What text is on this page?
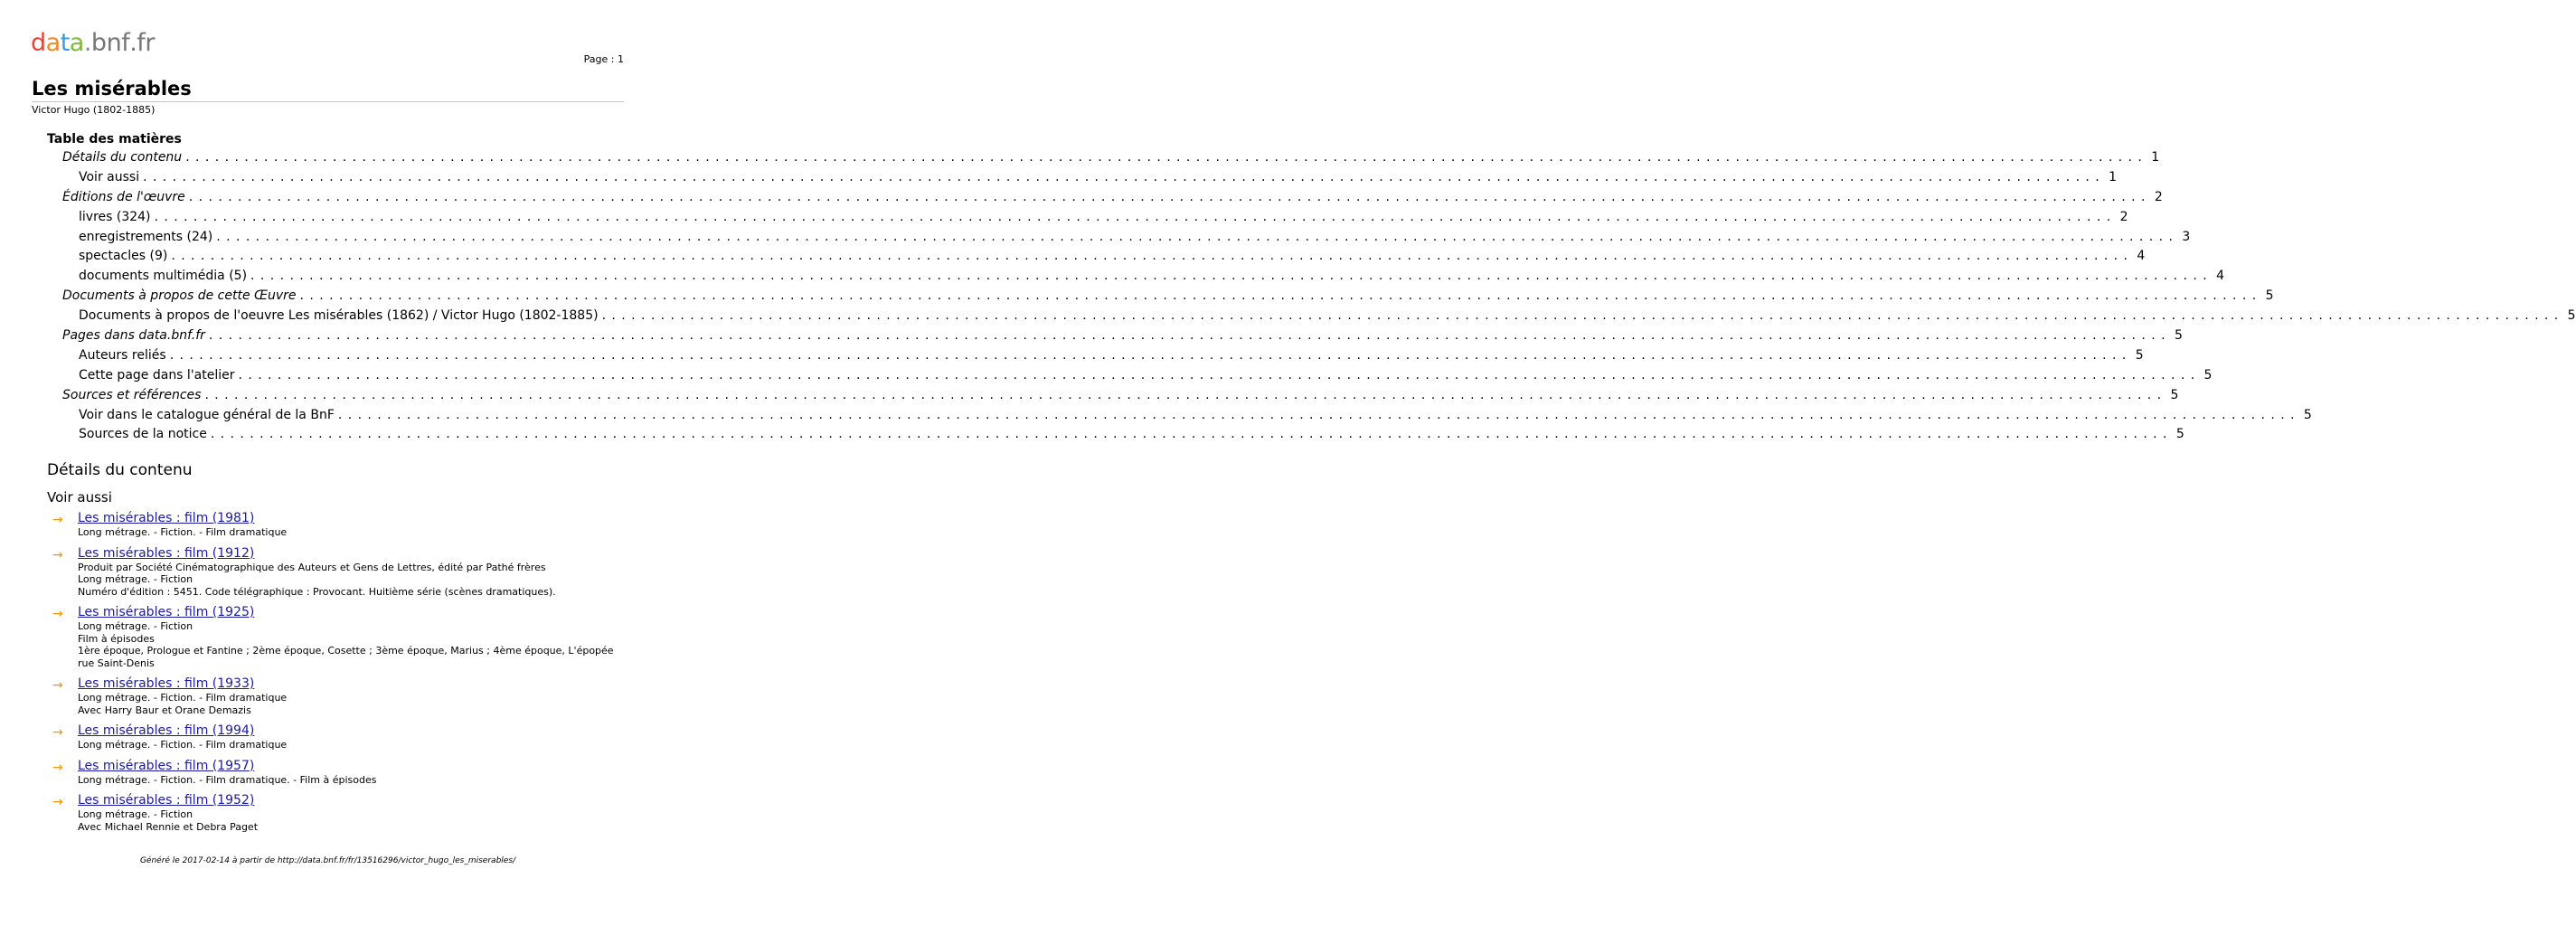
d a t a . b n f . f r
Page : 1
Les misérables
Victor Hugo (1802-1885)
Table des matières
Détails du contenu ........................................................................................................................................................................................................ 1
Voir aussi ........................................................................................................................................................................................................ 1
Éditions de l'œuvre ........................................................................................................................................................................................................ 2
livres (324) ........................................................................................................................................................................................................ 2
enregistrements (24) ........................................................................................................................................................................................................ 3
spectacles (9) ........................................................................................................................................................................................................ 4
documents multimédia (5) ........................................................................................................................................................................................................ 4
Documents à propos de cette Œuvre ........................................................................................................................................................................................................ 5
Documents à propos de l'oeuvre Les misérables (1862) / Victor Hugo (1802-1885) ........................................................................................................................................................................................................ 5
Pages dans data.bnf.fr ........................................................................................................................................................................................................ 5
Auteurs reliés ........................................................................................................................................................................................................ 5
Cette page dans l'atelier ........................................................................................................................................................................................................ 5
Sources et références ........................................................................................................................................................................................................ 5
Voir dans le catalogue général de la BnF ........................................................................................................................................................................................................ 5
Sources de la notice ........................................................................................................................................................................................................ 5
Détails du contenu
Voir aussi
→ Les misérables : film (1981)
Long métrage. - Fiction. - Film dramatique
→ Les misérables : film (1912)
Produit par Société Cinématographique des Auteurs et Gens de Lettres, édité par Pathé frères
Long métrage. - Fiction
Numéro d'édition : 5451. Code télégraphique : Provocant. Huitième série (scènes dramatiques).
→ Les misérables : film (1925)
Long métrage. - Fiction
Film à épisodes
1ère époque, Prologue et Fantine ; 2ème époque, Cosette ; 3ème époque, Marius ; 4ème époque, L'épopée rue Saint-Denis
→ Les misérables : film (1933)
Long métrage. - Fiction. - Film dramatique
Avec Harry Baur et Orane Demazis
→ Les misérables : film (1994)
Long métrage. - Fiction. - Film dramatique
→ Les misérables : film (1957)
Long métrage. - Fiction. - Film dramatique. - Film à épisodes
→ Les misérables : film (1952)
Long métrage. - Fiction
Avec Michael Rennie et Debra Paget
Généré le 2017-02-14 à partir de http://data.bnf.fr/fr/13516296/victor_hugo_les_miserables/
